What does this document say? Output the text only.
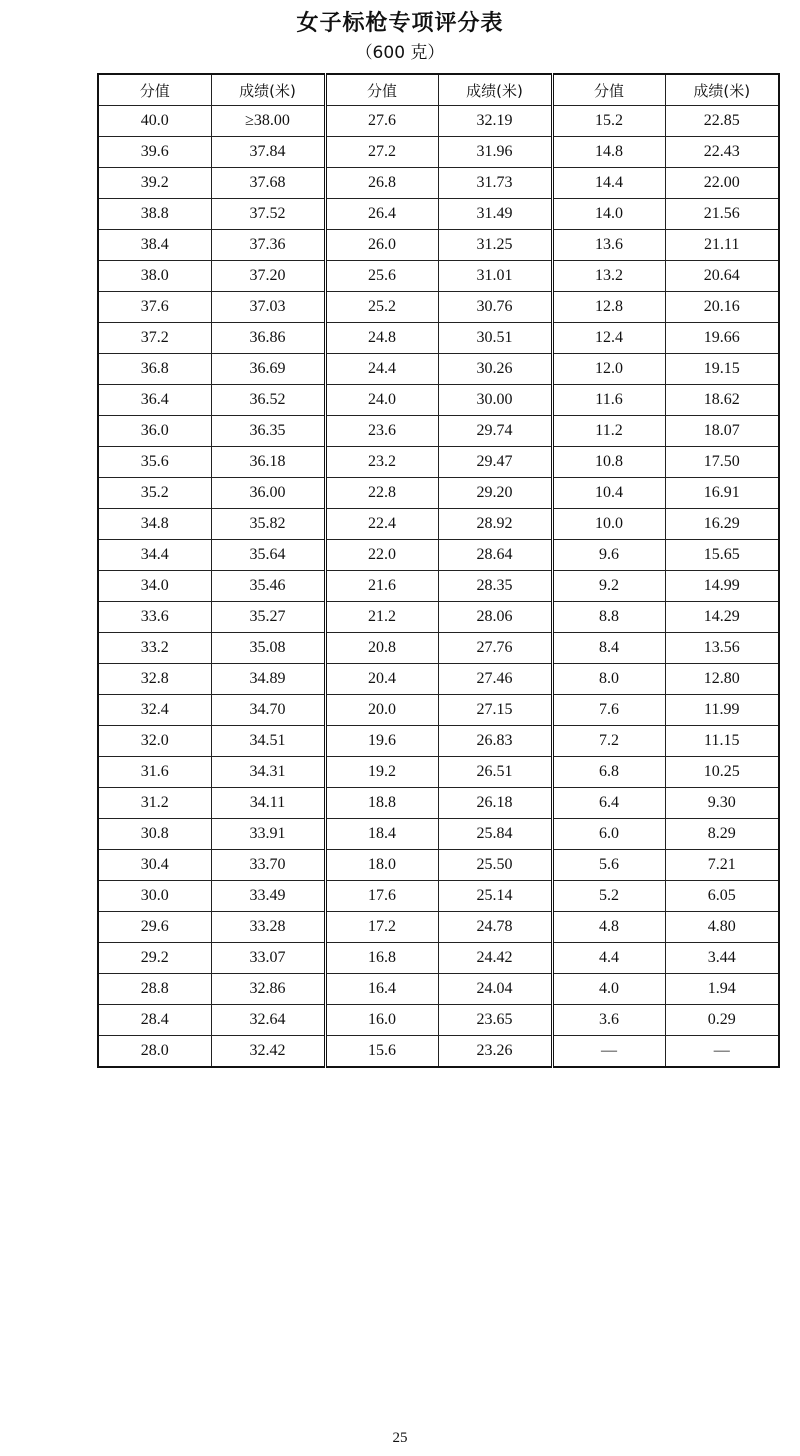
女子标枪专项评分表
（600 克）
分值	成绩(米)	分值	成绩(米)	分值	成绩(米)
40.0	≥38.00	27.6	32.19	15.2	22.85
39.6	37.84	27.2	31.96	14.8	22.43
39.2	37.68	26.8	31.73	14.4	22.00
38.8	37.52	26.4	31.49	14.0	21.56
38.4	37.36	26.0	31.25	13.6	21.11
38.0	37.20	25.6	31.01	13.2	20.64
37.6	37.03	25.2	30.76	12.8	20.16
37.2	36.86	24.8	30.51	12.4	19.66
36.8	36.69	24.4	30.26	12.0	19.15
36.4	36.52	24.0	30.00	11.6	18.62
36.0	36.35	23.6	29.74	11.2	18.07
35.6	36.18	23.2	29.47	10.8	17.50
35.2	36.00	22.8	29.20	10.4	16.91
34.8	35.82	22.4	28.92	10.0	16.29
34.4	35.64	22.0	28.64	9.6	15.65
34.0	35.46	21.6	28.35	9.2	14.99
33.6	35.27	21.2	28.06	8.8	14.29
33.2	35.08	20.8	27.76	8.4	13.56
32.8	34.89	20.4	27.46	8.0	12.80
32.4	34.70	20.0	27.15	7.6	11.99
32.0	34.51	19.6	26.83	7.2	11.15
31.6	34.31	19.2	26.51	6.8	10.25
31.2	34.11	18.8	26.18	6.4	9.30
30.8	33.91	18.4	25.84	6.0	8.29
30.4	33.70	18.0	25.50	5.6	7.21
30.0	33.49	17.6	25.14	5.2	6.05
29.6	33.28	17.2	24.78	4.8	4.80
29.2	33.07	16.8	24.42	4.4	3.44
28.8	32.86	16.4	24.04	4.0	1.94
28.4	32.64	16.0	23.65	3.6	0.29
28.0	32.42	15.6	23.26	—	—
25
